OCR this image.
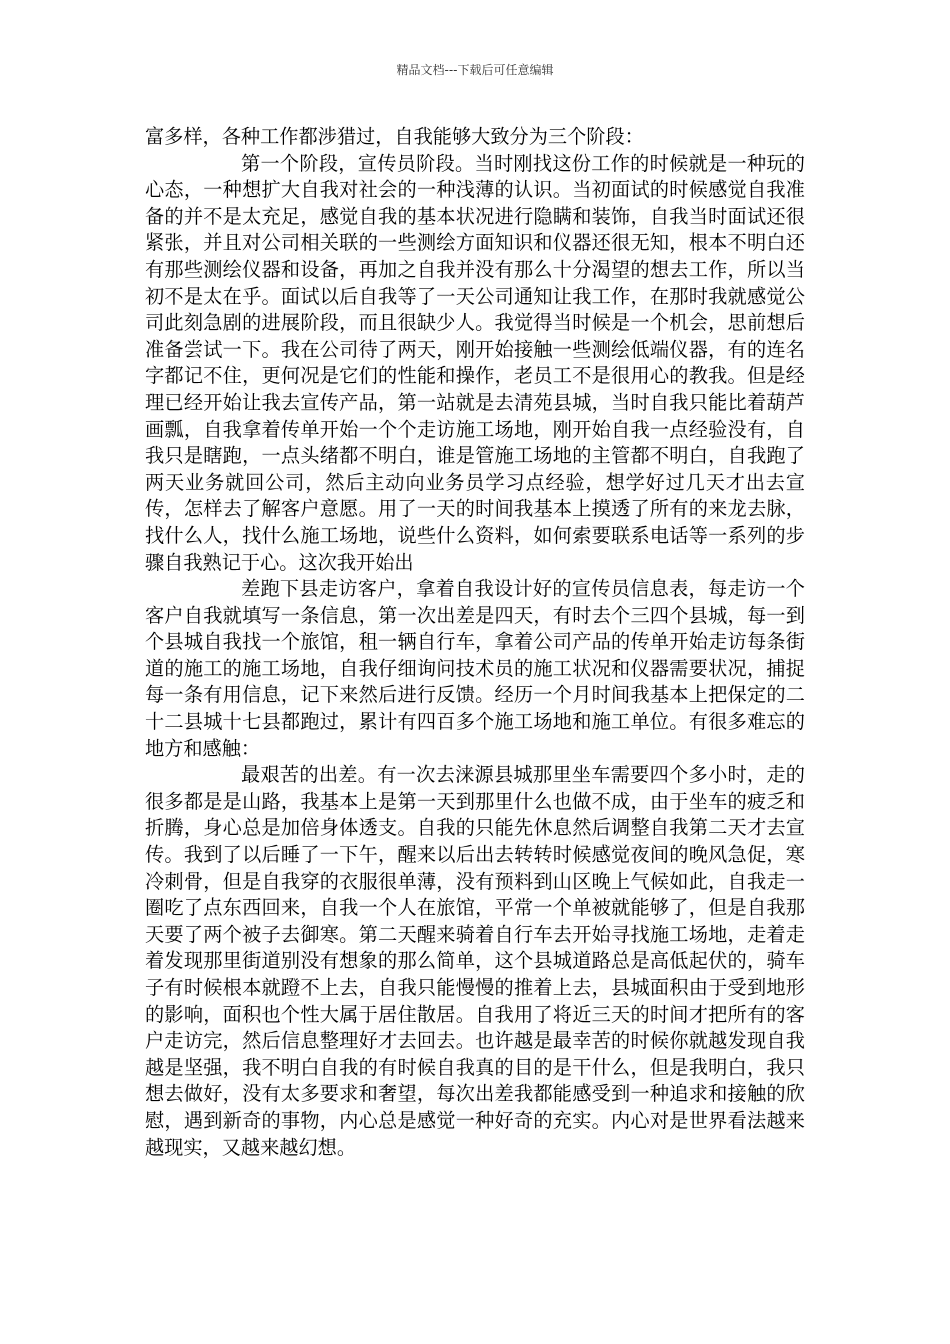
精品文档---下载后可任意编辑

富多样，各种工作都涉猎过，自我能够大致分为三个阶段：

第一个阶段，宣传员阶段。当时刚找这份工作的时候就是一种玩的心态，一种想扩大自我对社会的一种浅薄的认识。当初面试的时候感觉自我准备的并不是太充足，感觉自我的基本状况进行隐瞒和装饰，自我当时面试还很紧张，并且对公司相关联的一些测绘方面知识和仪器还很无知，根本不明白还有那些测绘仪器和设备，再加之自我并没有那么十分渴望的想去工作，所以当初不是太在乎。面试以后自我等了一天公司通知让我工作，在那时我就感觉公司此刻急剧的进展阶段，而且很缺少人。我觉得当时候是一个机会，思前想后准备尝试一下。我在公司待了两天，刚开始接触一些测绘低端仪器，有的连名字都记不住，更何况是它们的性能和操作，老员工不是很用心的教我。但是经理已经开始让我去宣传产品，第一站就是去清苑县城，当时自我只能比着葫芦画瓢，自我拿着传单开始一个个走访施工场地，刚开始自我一点经验没有，自我只是瞎跑，一点头绪都不明白，谁是管施工场地的主管都不明白，自我跑了两天业务就回公司，然后主动向业务员学习点经验，想学好过几天才出去宣传，怎样去了解客户意愿。用了一天的时间我基本上摸透了所有的来龙去脉，找什么人，找什么施工场地，说些什么资料，如何索要联系电话等一系列的步骤自我熟记于心。这次我开始出

差跑下县走访客户，拿着自我设计好的宣传员信息表，每走访一个客户自我就填写一条信息，第一次出差是四天，有时去个三四个县城，每一到个县城自我找一个旅馆，租一辆自行车，拿着公司产品的传单开始走访每条街道的施工的施工场地，自我仔细询问技术员的施工状况和仪器需要状况，捕捉每一条有用信息，记下来然后进行反馈。经历一个月时间我基本上把保定的二十二县城十七县都跑过，累计有四百多个施工场地和施工单位。有很多难忘的地方和感触：

最艰苦的出差。有一次去涞源县城那里坐车需要四个多小时，走的很多都是是山路，我基本上是第一天到那里什么也做不成，由于坐车的疲乏和折腾，身心总是加倍身体透支。自我的只能先休息然后调整自我第二天才去宣传。我到了以后睡了一下午，醒来以后出去转转时候感觉夜间的晚风急促，寒冷刺骨，但是自我穿的衣服很单薄，没有预料到山区晚上气候如此，自我走一圈吃了点东西回来，自我一个人在旅馆，平常一个单被就能够了，但是自我那天要了两个被子去御寒。第二天醒来骑着自行车去开始寻找施工场地，走着走着发现那里街道别没有想象的那么简单，这个县城道路总是高低起伏的，骑车子有时候根本就蹬不上去，自我只能慢慢的推着上去，县城面积由于受到地形的影响，面积也个性大属于居住散居。自我用了将近三天的时间才把所有的客户走访完，然后信息整理好才去回去。也许越是最幸苦的时候你就越发现自我越是坚强，我不明白自我的有时候自我真的目的是干什么，但是我明白，我只想去做好，没有太多要求和奢望，每次出差我都能感受到一种追求和接触的欣慰，遇到新奇的事物，内心总是感觉一种好奇的充实。内心对是世界看法越来越现实，又越来越幻想。
